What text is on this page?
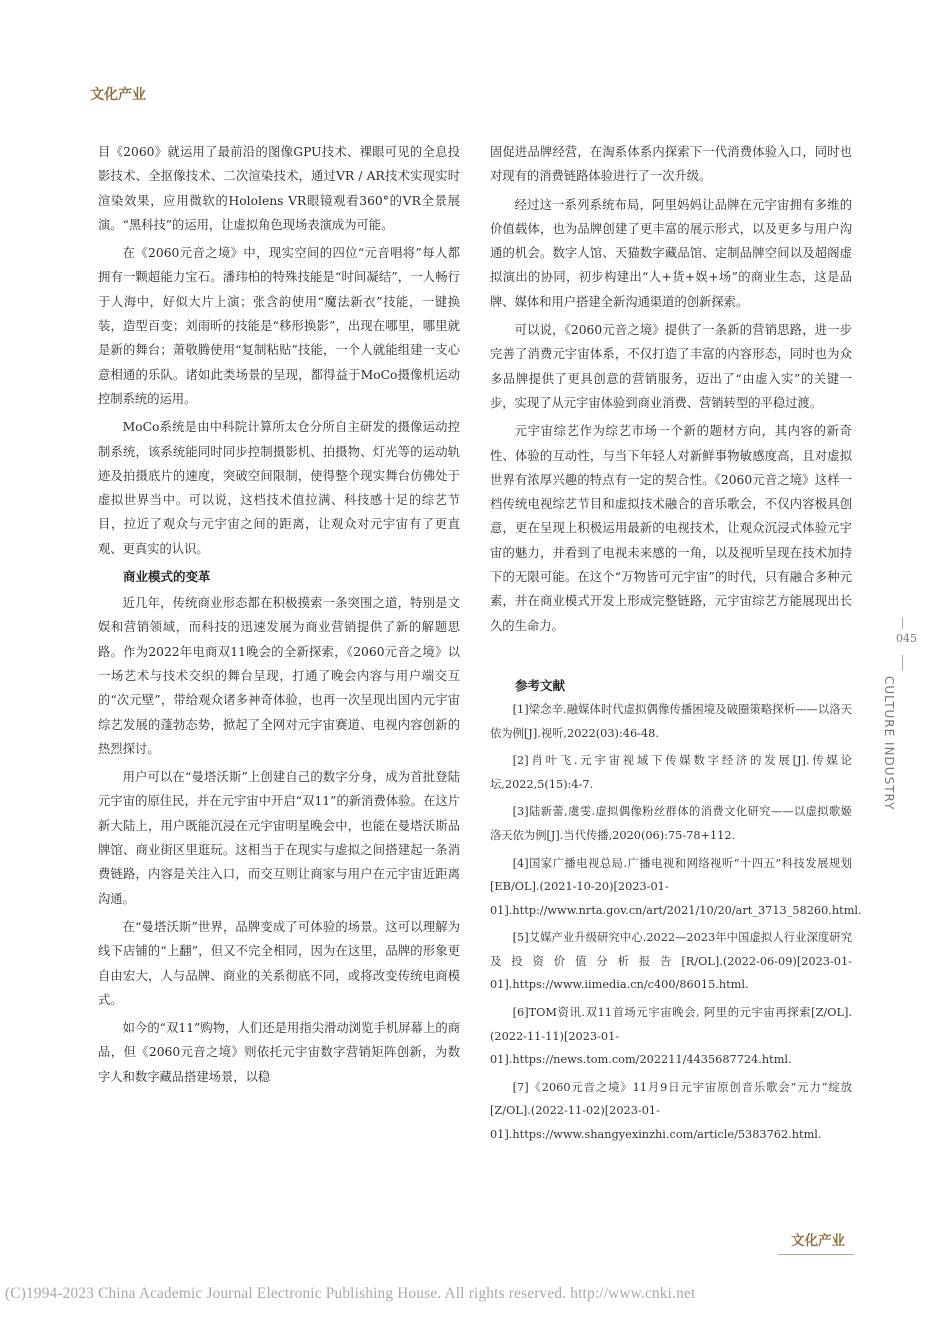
文化产业

目《2060》就运用了最前沿的图像GPU技术、裸眼可见的全息投影技术、全抠像技术、二次渲染技术，通过VR / AR技术实现实时渲染效果，应用微软的Hololens VR眼镜观看360°的VR全景展演。“黑科技”的运用，让虚拟角色现场表演成为可能。

在《2060元音之境》中，现实空间的四位“元音唱将”每人都拥有一颗超能力宝石。潘玮柏的特殊技能是“时间凝结”，一人畅行于人海中，好似大片上演；张含韵使用“魔法新衣”技能，一键换装，造型百变；刘雨昕的技能是“移形换影”，出现在哪里，哪里就是新的舞台；萧敬腾使用“复制粘贴”技能，一个人就能组建一支心意相通的乐队。诸如此类场景的呈现，都得益于MoCo摄像机运动控制系统的运用。

MoCo系统是由中科院计算所太仓分所自主研发的摄像运动控制系统，该系统能同时同步控制摄影机、拍摄物、灯光等的运动轨迹及拍摄底片的速度，突破空间限制，使得整个现实舞台仿佛处于虚拟世界当中。可以说，这档技术值拉满、科技感十足的综艺节目，拉近了观众与元宇宙之间的距离，让观众对元宇宙有了更直观、更真实的认识。

商业模式的变革

近几年，传统商业形态都在积极摸索一条突围之道，特别是文娱和营销领域，而科技的迅速发展为商业营销提供了新的解题思路。作为2022年电商双11晚会的全新探索，《2060元音之境》以一场艺术与技术交织的舞台呈现，打通了晚会内容与用户端交互的“次元壁”，带给观众诸多神奇体验，也再一次呈现出国内元宇宙综艺发展的蓬勃态势，掀起了全网对元宇宙赛道、电视内容创新的热烈探讨。

用户可以在“曼塔沃斯”上创建自己的数字分身，成为首批登陆元宇宙的原住民，并在元宇宙中开启“双11”的新消费体验。在这片新大陆上，用户既能沉浸在元宇宙明星晚会中，也能在曼塔沃斯品牌馆、商业街区里逛玩。这相当于在现实与虚拟之间搭建起一条消费链路，内容是关注入口，而交互则让商家与用户在元宇宙近距离沟通。

在“曼塔沃斯”世界，品牌变成了可体验的场景。这可以理解为线下店铺的“上翻”，但又不完全相同，因为在这里，品牌的形象更自由宏大，人与品牌、商业的关系彻底不同，或将改变传统电商模式。

如今的“双11”购物，人们还是用指尖滑动浏览手机屏幕上的商品，但《2060元音之境》则依托元宇宙数字营销矩阵创新，为数字人和数字藏品搭建场景，以稳

固促进品牌经营，在淘系体系内探索下一代消费体验入口，同时也对现有的消费链路体验进行了一次升级。

经过这一系列系统布局，阿里妈妈让品牌在元宇宙拥有多维的价值载体，也为品牌创建了更丰富的展示形式，以及更多与用户沟通的机会。数字人馆、天猫数字藏品馆、定制品牌空间以及超阁虚拟演出的协同，初步构建出“人+货+娱+场”的商业生态，这是品牌、媒体和用户搭建全新沟通渠道的创新探索。

可以说，《2060元音之境》提供了一条新的营销思路，进一步完善了消费元宇宙体系，不仅打造了丰富的内容形态，同时也为众多品牌提供了更具创意的营销服务，迈出了“由虚入实”的关键一步，实现了从元宇宙体验到商业消费、营销转型的平稳过渡。

元宇宙综艺作为综艺市场一个新的题材方向，其内容的新奇性、体验的互动性，与当下年轻人对新鲜事物敏感度高，且对虚拟世界有浓厚兴趣的特点有一定的契合性。《2060元音之境》这样一档传统电视综艺节目和虚拟技术融合的音乐歌会，不仅内容极具创意，更在呈现上积极运用最新的电视技术，让观众沉浸式体验元宇宙的魅力，并看到了电视未来感的一角，以及视听呈现在技术加持下的无限可能。在这个“万物皆可元宇宙”的时代，只有融合多种元素，并在商业模式开发上形成完整链路，元宇宙综艺方能展现出长久的生命力。

参考文献

[1]梁念辛.融媒体时代虚拟偶像传播困境及破圈策略探析——以洛天依为例[J].视听,2022(03):46-48.

[2]肖叶飞.元宇宙视域下传媒数字经济的发展[J].传媒论坛,2022,5(15):4-7.

[3]陆新蕾,虞雯.虚拟偶像粉丝群体的消费文化研究——以虚拟歌姬洛天依为例[J].当代传播,2020(06):75-78+112.

[4]国家广播电视总局.广播电视和网络视听“十四五”科技发展规划[EB/OL].(2021-10-20)[2023-01-01].http://www.nrta.gov.cn/art/2021/10/20/art_3713_58260.html.

[5]艾媒产业升级研究中心.2022—2023年中国虚拟人行业深度研究及投资价值分析报告[R/OL].(2022-06-09)[2023-01-01].https://www.iimedia.cn/c400/86015.html.

[6]TOM资讯.双11首场元宇宙晚会, 阿里的元宇宙再探索[Z/OL].(2022-11-11)[2023-01-01].https://news.tom.com/202211/4435687724.html.

[7]《2060元音之境》11月9日元宇宙原创音乐歌会“元力”绽放[Z/OL].(2022-11-02)[2023-01-01].https://www.shangyexinzhi.com/article/5383762.html.

045
CULTURE INDUSTRY
文化产业
(C)1994-2023 China Academic Journal Electronic Publishing House. All rights reserved. http://www.cnki.net
